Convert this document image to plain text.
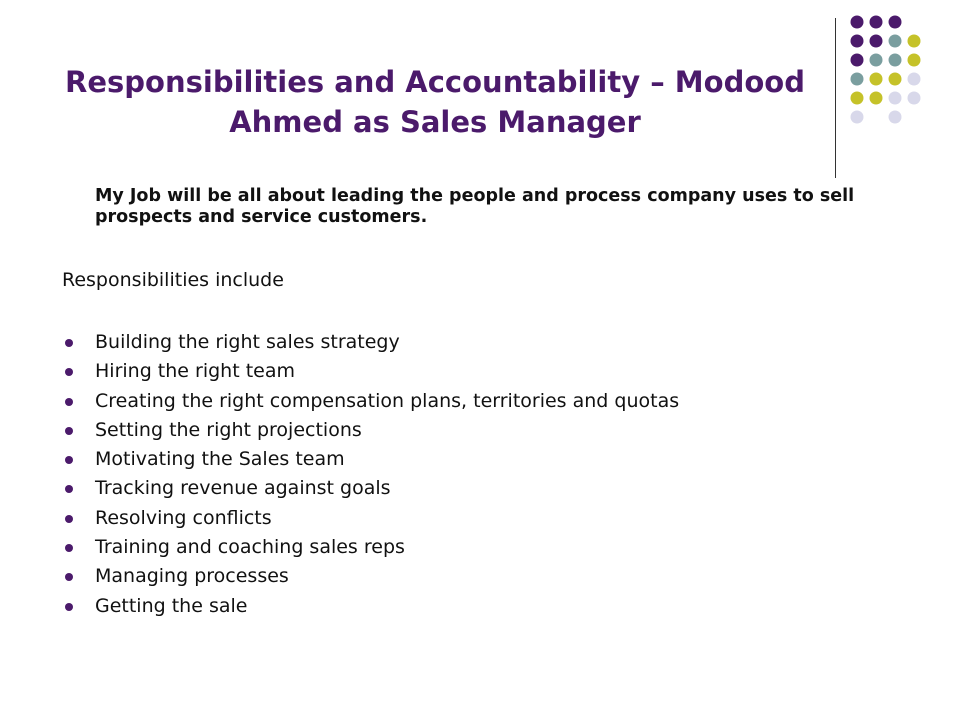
Responsibilities and Accountability – Modood Ahmed as Sales Manager

My Job will be all about leading the people and process company uses to sell prospects and service customers.

Responsibilities include

Building the right sales strategy
Hiring the right team
Creating the right compensation plans, territories and quotas
Setting the right projections
Motivating the Sales team
Tracking revenue against goals
Resolving conflicts
Training and coaching sales reps
Managing processes
Getting the sale
